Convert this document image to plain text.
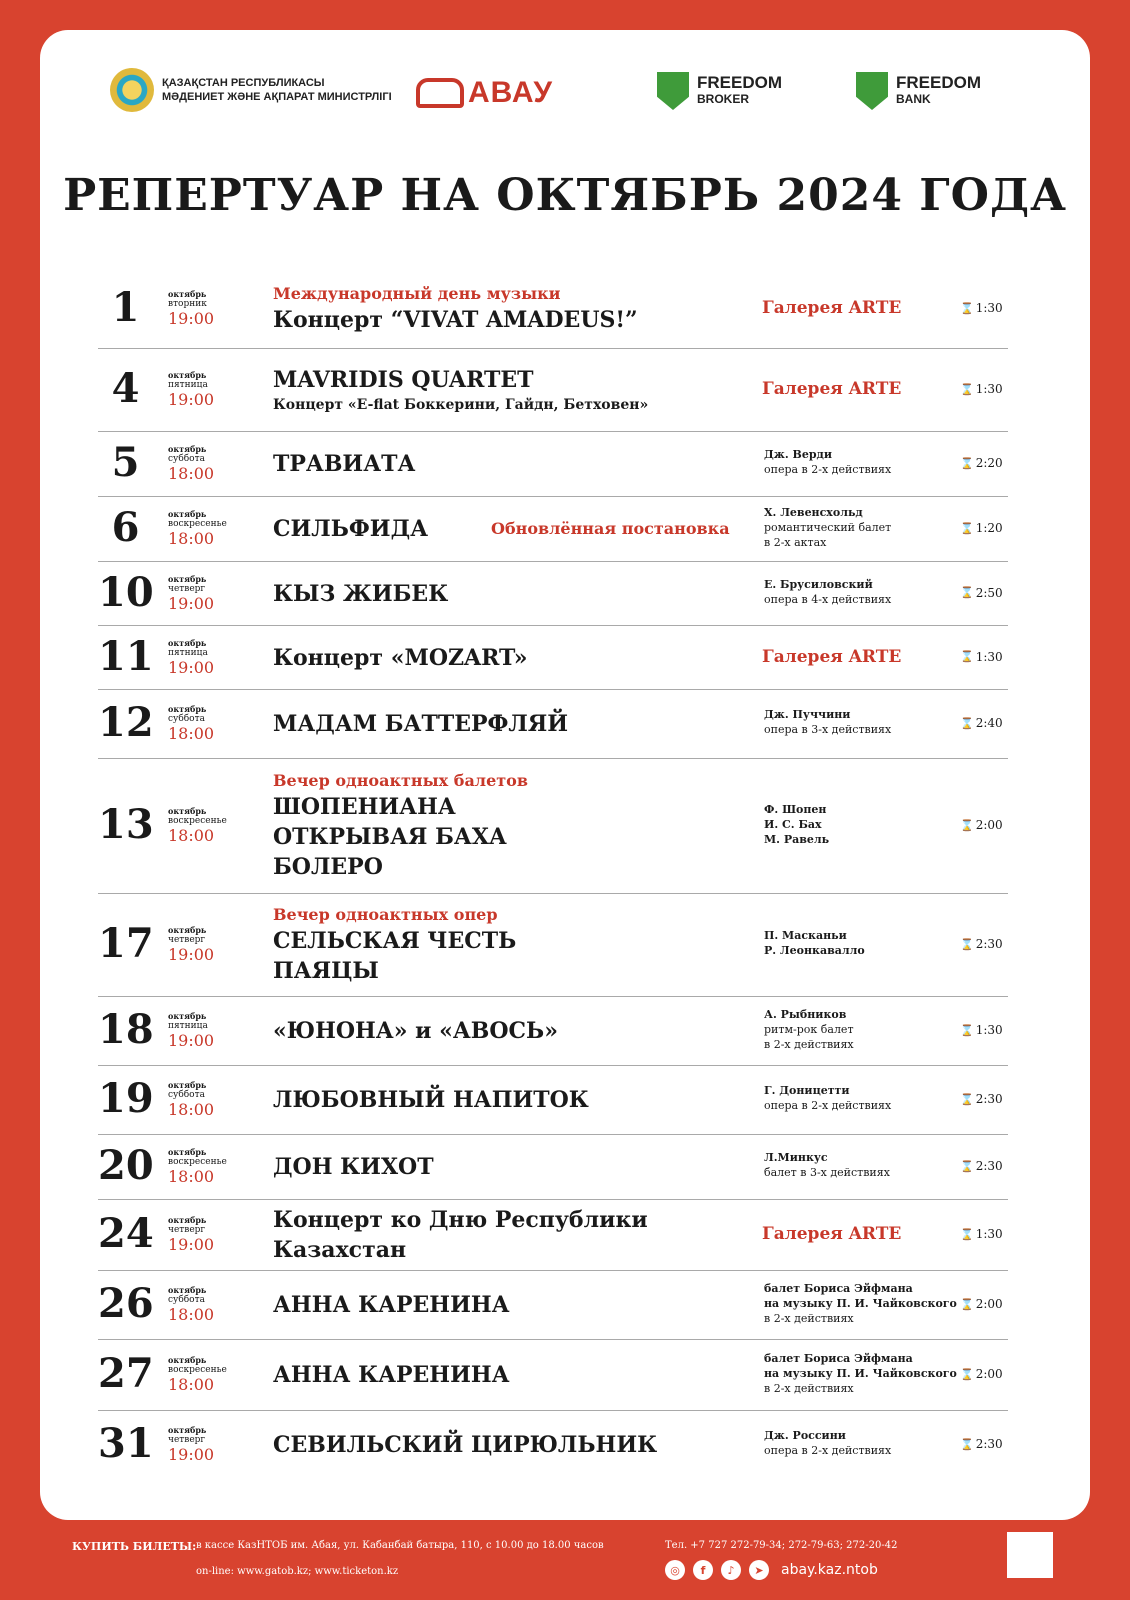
ҚАЗАҚСТАН РЕСПУБЛИКАСЫ
МӘДЕНИЕТ ЖӘНЕ АҚПАРАТ МИНИСТРЛІГІ	АВАУ	FREEDOM
BROKER
FREEDOM
BANK
РЕПЕРТУАР НА ОКТЯБРЬ 2024 ГОДА
1	октябрь
вторник
19:00
Международный день музыки
Концерт “VIVAT AMADEUS!”	Галерея ARTE	⌛ 1:30
4	октябрь
пятница
19:00
MAVRIDIS QUARTET
Концерт «E-flat Боккерини, Гайдн, Бетховен»
Галерея ARTE	⌛ 1:30
5	октябрь
суббота
18:00	ТРАВИАТА	Дж. Верди
опера в 2-х действиях	⌛ 2:20
6	октябрь
воскресенье
18:00	СИЛЬФИДА	Обновлённая постановка
Х. Левенсхольд
романтический балет
в 2-х актах
⌛ 1:20
10 октябрь
четверг
19:00	КЫЗ ЖИБЕК	Е. Брусиловский
опера в 4-х действиях	⌛ 2:50
11 октябрь
пятница
19:00	Концерт «MOZART»	Галерея ARTE	⌛ 1:30
12 октябрь
суббота
18:00	МАДАМ БАТТЕРФЛЯЙ	Дж. Пуччини
опера в 3-х действиях	⌛ 2:40
13 октябрь
воскресенье
18:00
Вечер одноактных балетов
ШОПЕНИАНА
ОТКРЫВАЯ БАХА
БОЛЕРО
Ф. Шопен
И. С. Бах
М. Равель
⌛ 2:00
17 октябрь
четверг
19:00
Вечер одноактных опер
СЕЛЬСКАЯ ЧЕСТЬ
ПАЯЦЫ
П. Масканьи
Р. Леонкавалло	⌛ 2:30
18 октябрь
пятница
19:00	«ЮНОНА» и «АВОСЬ»
А. Рыбников
ритм-рок балет
в 2-х действиях
⌛ 1:30
19 октябрь
суббота
18:00	ЛЮБОВНЫЙ НАПИТОК	Г. Доницетти
опера в 2-х действиях	⌛ 2:30
20 октябрь
воскресенье
18:00	ДОН КИХОТ	Л.Минкус
балет в 3-х действиях	⌛ 2:30
24 октябрь
четверг
19:00
Концерт ко Дню Республики
Казахстан
Галерея ARTE	⌛ 1:30
26 октябрь
суббота
18:00	АННА КАРЕНИНА
балет Бориса Эйфмана
на музыку П. И. Чайковского
в 2-х действиях
⌛ 2:00
27 октябрь
воскресенье
18:00	АННА КАРЕНИНА
балет Бориса Эйфмана
на музыку П. И. Чайковского
в 2-х действиях
⌛ 2:00
31 октябрь
четверг
19:00	СЕВИЛЬСКИЙ ЦИРЮЛЬНИК	Дж. Россини
опера в 2-х действиях	⌛ 2:30
КУПИТЬ БИЛЕТЫ: в кассе КазНТОБ им. Абая, ул. Кабанбай батыра, 110, с 10.00 до 18.00 часов
on-line: www.gatob.kz; www.ticketon.kz
Тел. +7 727 272-79-34; 272-79-63; 272-20-42
◎	f	♪	➤	abay.kaz.ntob
